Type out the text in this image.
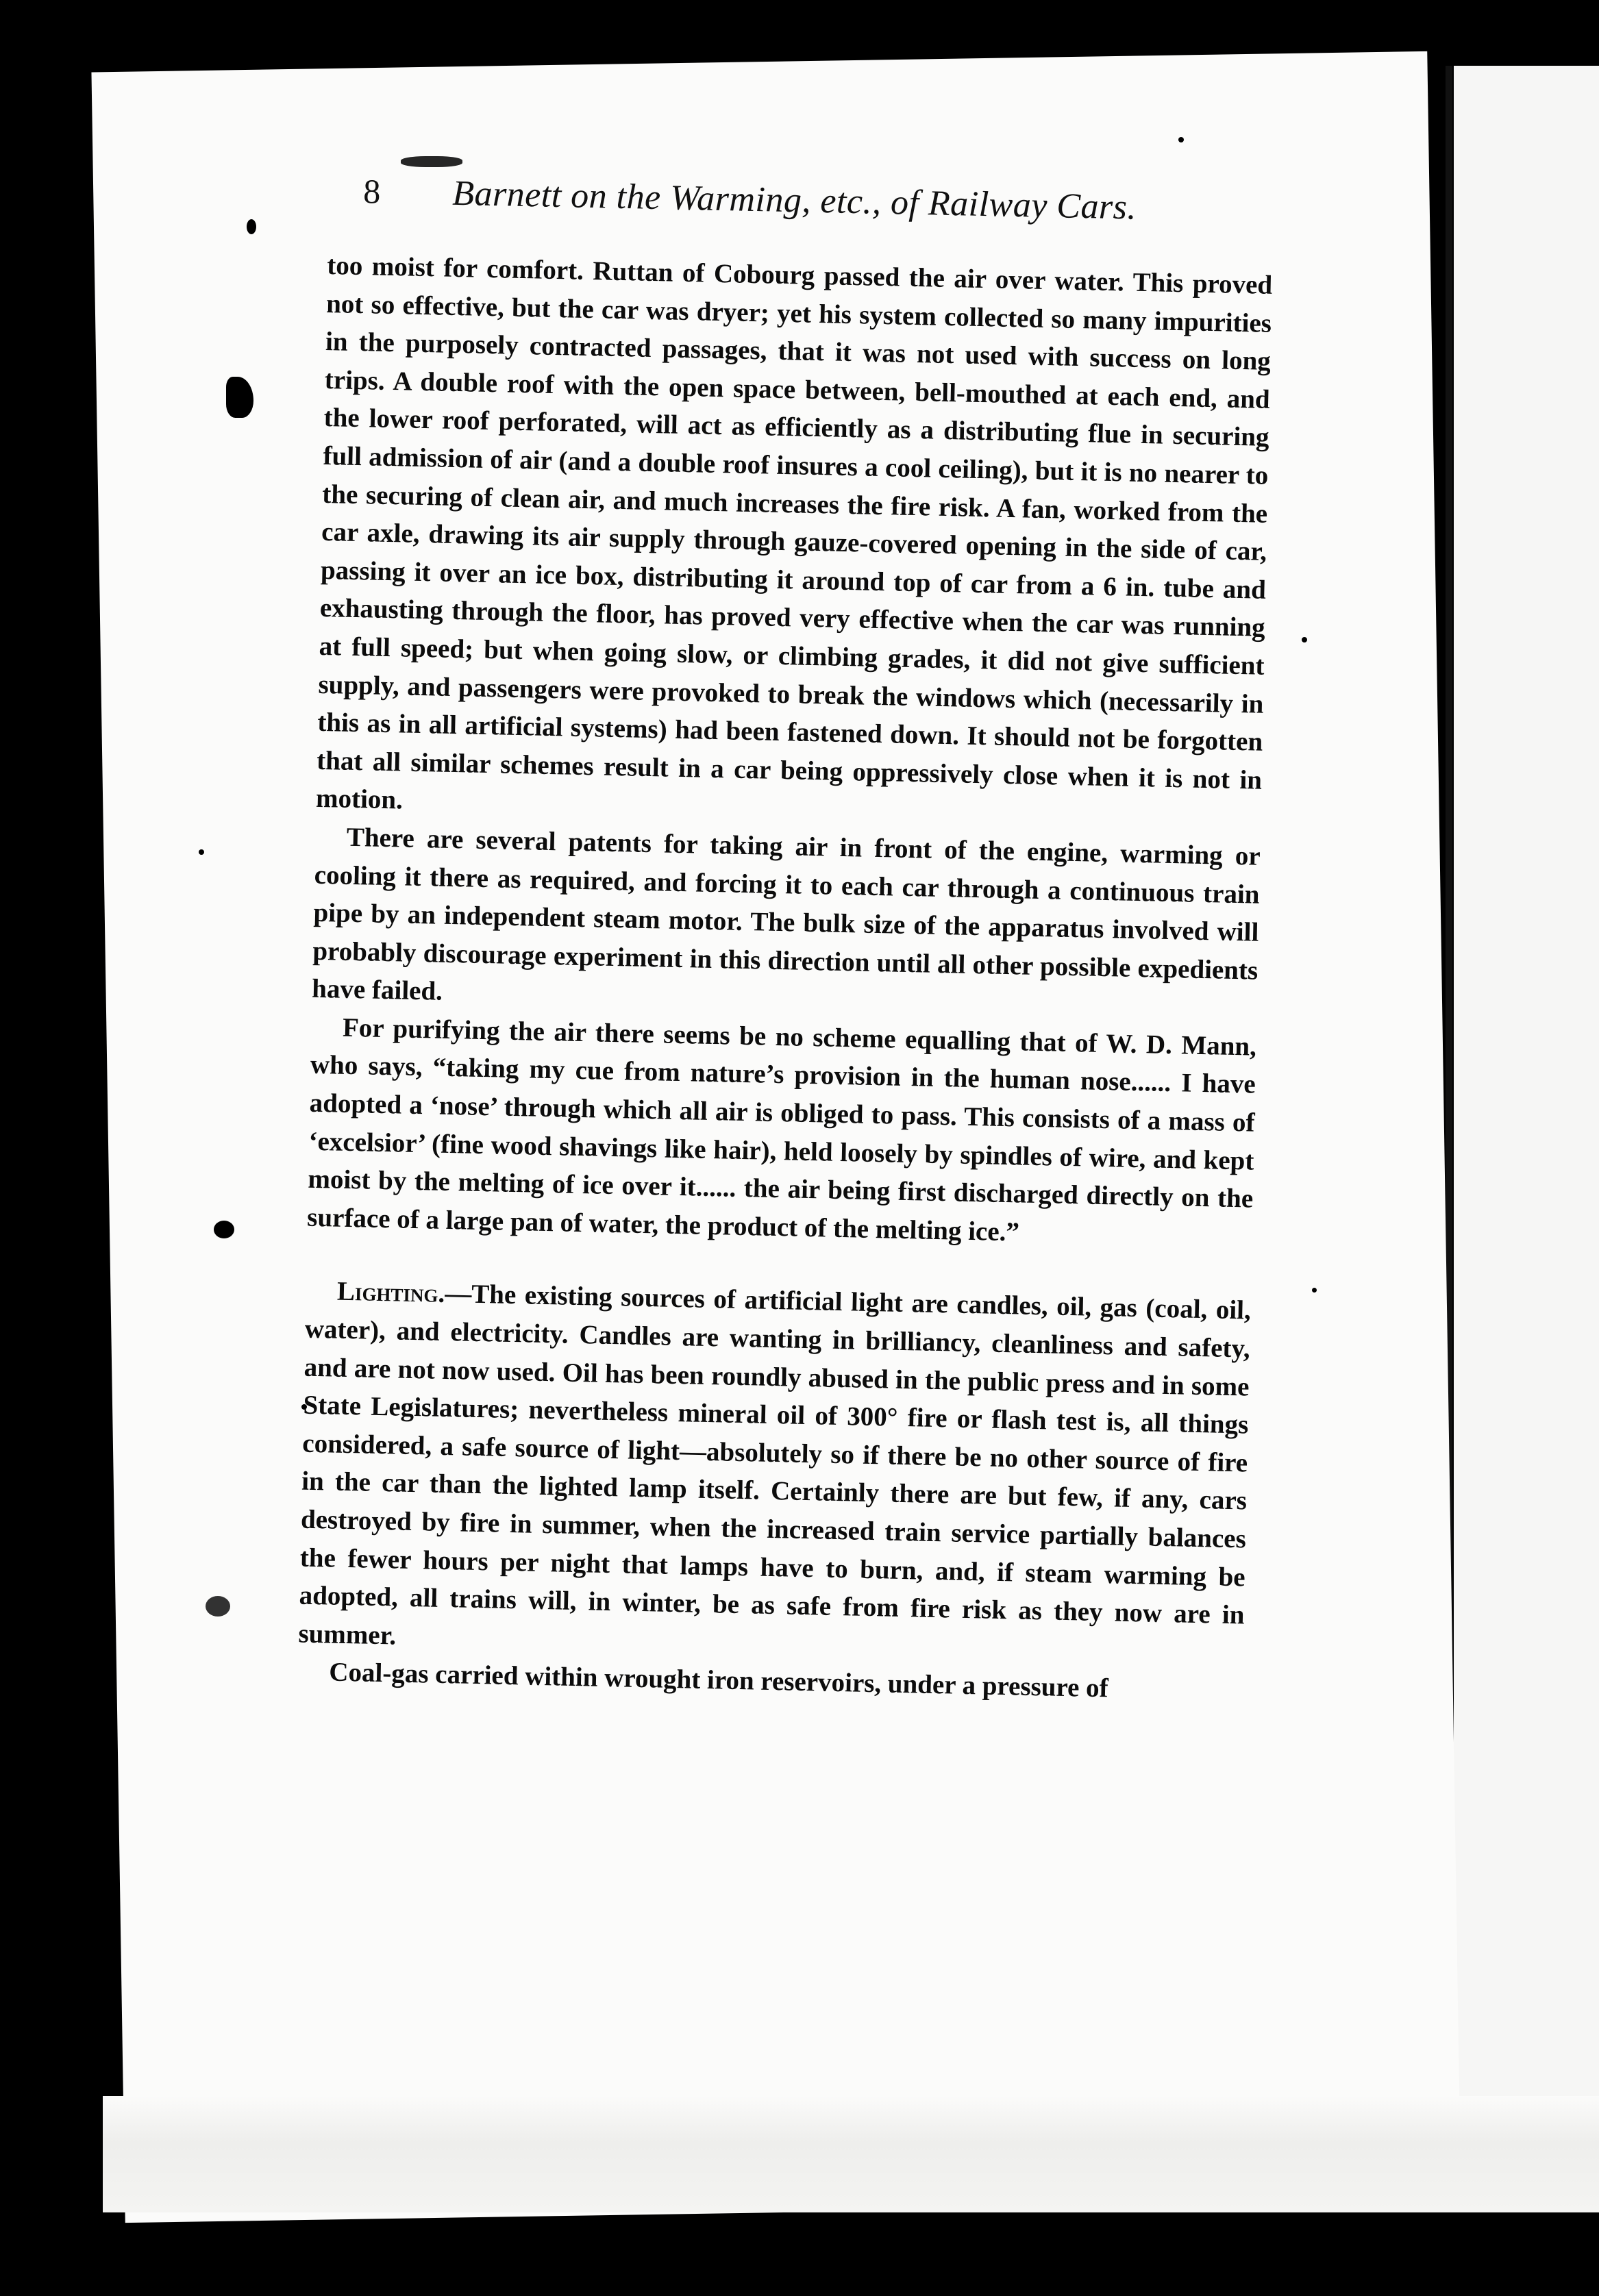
8 Barnett on the Warming, etc., of Railway Cars.

too moist for comfort. Ruttan of Cobourg passed the air over water. This proved not so effective, but the car was dryer; yet his system collected so many impurities in the purposely contracted passages, that it was not used with success on long trips. A double roof with the open space between, bell-mouthed at each end, and the lower roof perforated, will act as efficiently as a distributing flue in securing full admission of air (and a double roof insures a cool ceiling), but it is no nearer to the securing of clean air, and much increases the fire risk. A fan, worked from the car axle, drawing its air supply through gauze-covered opening in the side of car, passing it over an ice box, distributing it around top of car from a 6 in. tube and exhausting through the floor, has proved very effective when the car was running at full speed; but when going slow, or climbing grades, it did not give sufficient supply, and passengers were provoked to break the windows which (necessarily in this as in all artificial systems) had been fastened down. It should not be forgotten that all similar schemes result in a car being oppressively close when it is not in motion.

There are several patents for taking air in front of the engine, warming or cooling it there as required, and forcing it to each car through a continuous train pipe by an independent steam motor. The bulk size of the apparatus involved will probably discourage experiment in this direction until all other possible expedients have failed.

For purifying the air there seems be no scheme equalling that of W. D. Mann, who says, “taking my cue from nature’s provision in the human nose...... I have adopted a ‘nose’ through which all air is obliged to pass. This consists of a mass of ‘excelsior’ (fine wood shavings like hair), held loosely by spindles of wire, and kept moist by the melting of ice over it...... the air being first discharged directly on the surface of a large pan of water, the product of the melting ice.”

Lighting.—The existing sources of artificial light are candles, oil, gas (coal, oil, water), and electricity. Candles are wanting in brilliancy, cleanliness and safety, and are not now used. Oil has been roundly abused in the public press and in some State Legislatures; nevertheless mineral oil of 300° fire or flash test is, all things considered, a safe source of light—absolutely so if there be no other source of fire in the car than the lighted lamp itself. Certainly there are but few, if any, cars destroyed by fire in summer, when the increased train service partially balances the fewer hours per night that lamps have to burn, and, if steam warming be adopted, all trains will, in winter, be as safe from fire risk as they now are in summer.

Coal-gas carried within wrought iron reservoirs, under a pressure of
